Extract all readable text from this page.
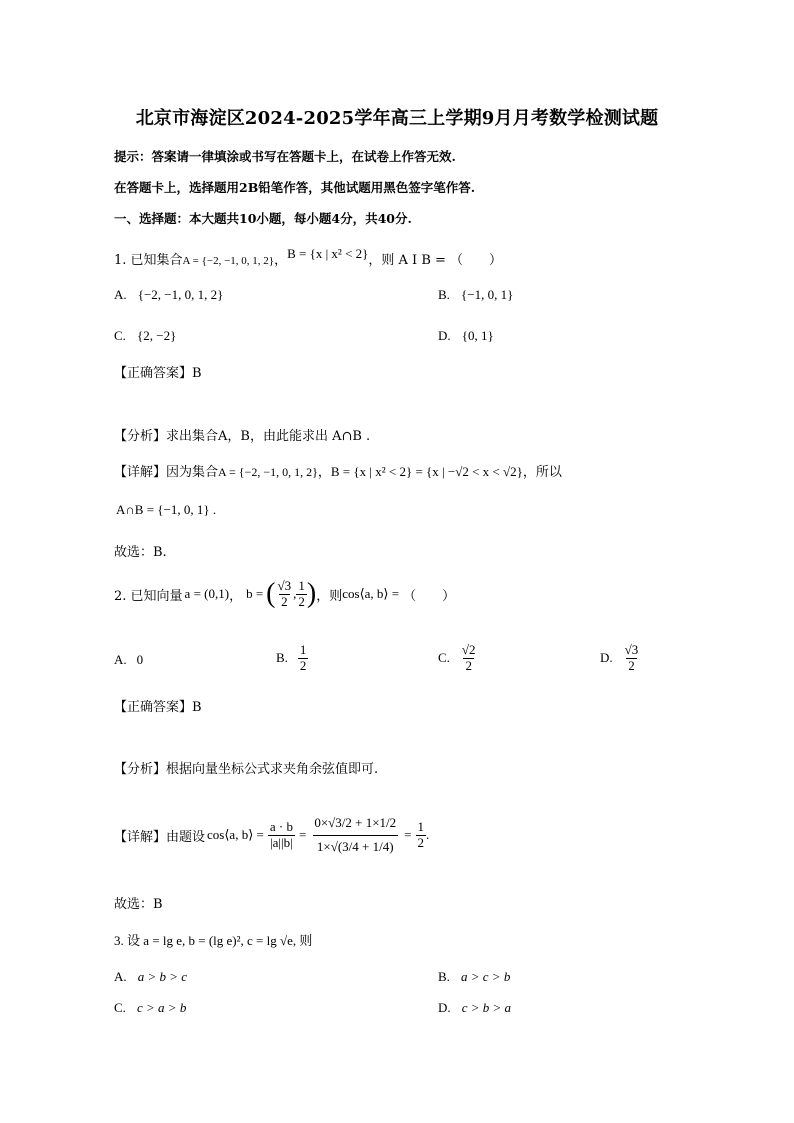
北京市海淀区2024-2025学年高三上学期9月月考数学检测试题
提示：答案请一律填涂或书写在答题卡上，在试卷上作答无效.
在答题卡上，选择题用2B铅笔作答，其他试题用黑色签字笔作答.
一、选择题：本大题共10小题，每小题4分，共40分.
1. 已知集合A = {−2, −1, 0, 1, 2}，B = {x | x² < 2}，则 A I B = （　　）
A. {−2, −1, 0, 1, 2}	B. {−1, 0, 1}
C. {2, −2}	D. {0, 1}
【正确答案】B
【分析】求出集合A，B，由此能求出 A∩B .
【详解】因为集合A = {−2, −1, 0, 1, 2}，B = {x | x² < 2} = {x | −√2 < x < √2}，所以
A∩B = {−1, 0, 1} .
故选：B.
2. 已知向量 a = (0,1) ， b = ( $\frac{√3}{2}$ , $\frac{1}{2}$ ) ，则 cos⟨a, b⟩ = （　　）
A. 0	B. $\frac{1}{2}$	C. $\frac{√2}{2}$	D. $\frac{√3}{2}$
【正确答案】B
【分析】根据向量坐标公式求夹角余弦值即可.
【详解】 由题设 cos⟨a, b⟩ = $\frac{a \cdot b}{|a||b|} = \frac{0\times√3/2 + 1\times 1/2}{1\times√(3/4 + 1/4)} = \frac{1}{2}$ .
故选：B
3. 设 a = lg e, b = (lg e)², c = lg √e, 则
A. a > b > c	B. a > c > b
C. c > a > b	D. c > b > a
